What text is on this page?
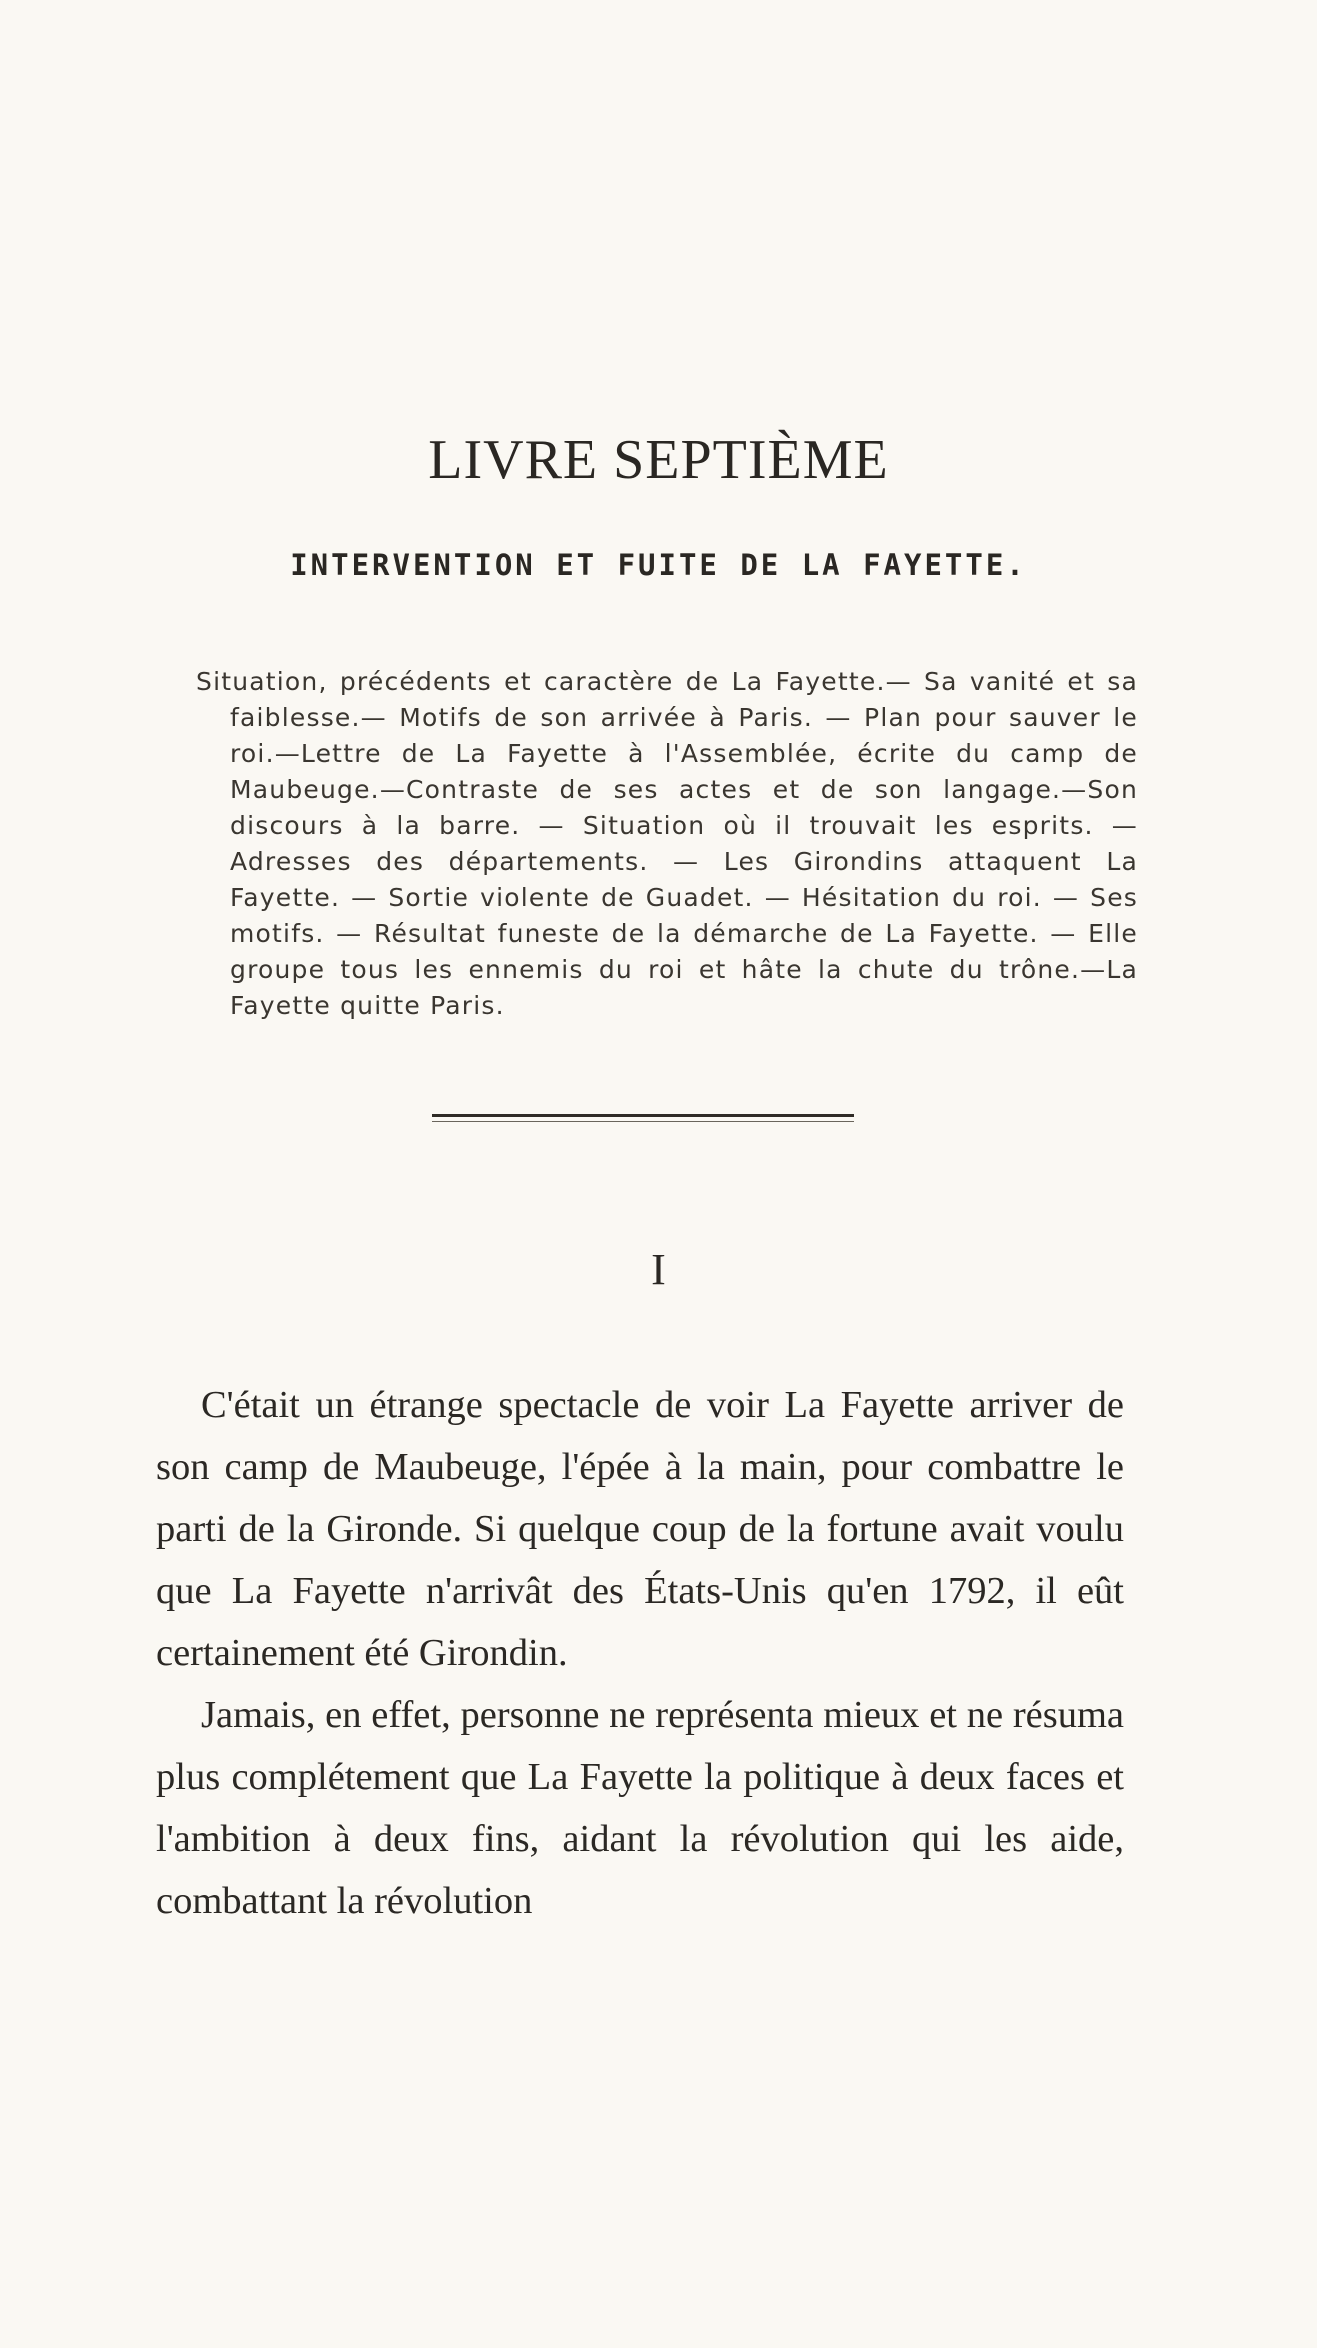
LIVRE SEPTIÈME
INTERVENTION ET FUITE DE LA FAYETTE.

Situation, précédents et caractère de La Fayette.— Sa vanité et sa faiblesse.— Motifs de son arrivée à Paris. — Plan pour sauver le roi.—Lettre de La Fayette à l'Assemblée, écrite du camp de Maubeuge.—Contraste de ses actes et de son langage.—Son discours à la barre. — Situation où il trouvait les esprits. — Adresses des départements. — Les Girondins attaquent La Fayette. — Sortie violente de Guadet. — Hésitation du roi. — Ses motifs. — Résultat funeste de la démarche de La Fayette. — Elle groupe tous les ennemis du roi et hâte la chute du trône.—La Fayette quitte Paris.

I

C'était un étrange spectacle de voir La Fayette arriver de son camp de Maubeuge, l'épée à la main, pour combattre le parti de la Gironde. Si quelque coup de la fortune avait voulu que La Fayette n'arrivât des États-Unis qu'en 1792, il eût certainement été Girondin.

Jamais, en effet, personne ne représenta mieux et ne résuma plus complétement que La Fayette la politique à deux faces et l'ambition à deux fins, aidant la révolution qui les aide, combattant la révolution
